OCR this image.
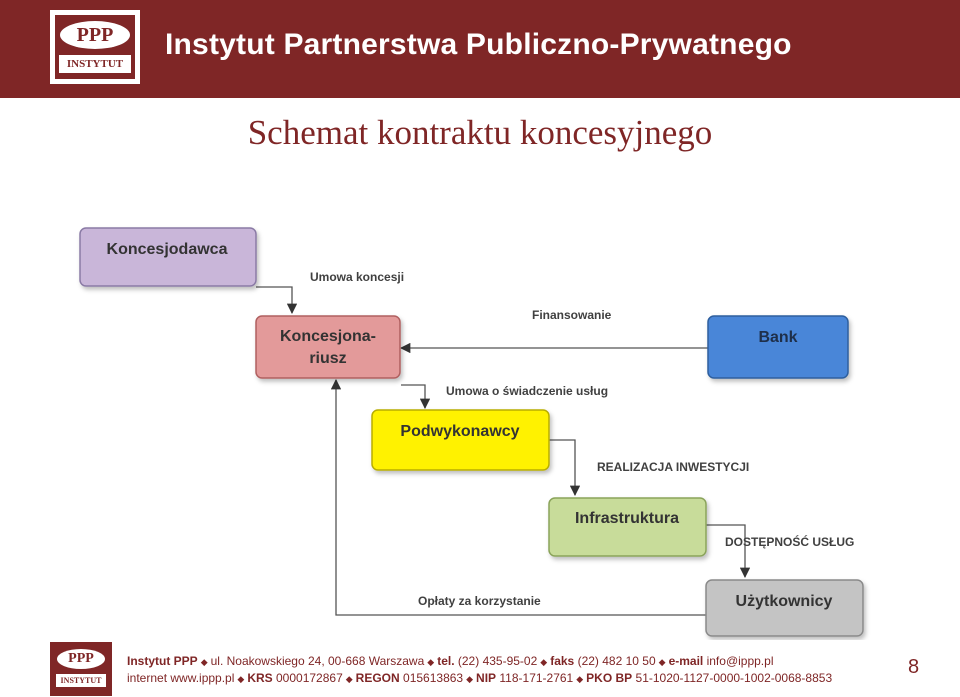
PPP
INSTYTUT
Instytut Partnerstwa Publiczno-Prywatnego
Schemat kontraktu koncesyjnego
Koncesjodawca
Koncesjona-
riusz
Bank
Podwykonawcy
Infrastruktura
Użytkownicy
Umowa koncesji
Finansowanie
Umowa o świadczenie usług
REALIZACJA INWESTYCJI
DOSTĘPNOŚĆ USŁUG
Opłaty za korzystanie
PPP
INSTYTUT
Instytut PPP ◆ ul. Noakowskiego 24, 00-668 Warszawa ◆ tel. (22) 435-95-02 ◆ faks (22) 482 10 50 ◆ e-mail info@ippp.pl
internet www.ippp.pl ◆ KRS 0000172867 ◆ REGON 015613863 ◆ NIP 118-171-2761 ◆ PKO BP 51-1020-1127-0000-1002-0068-8853	8
